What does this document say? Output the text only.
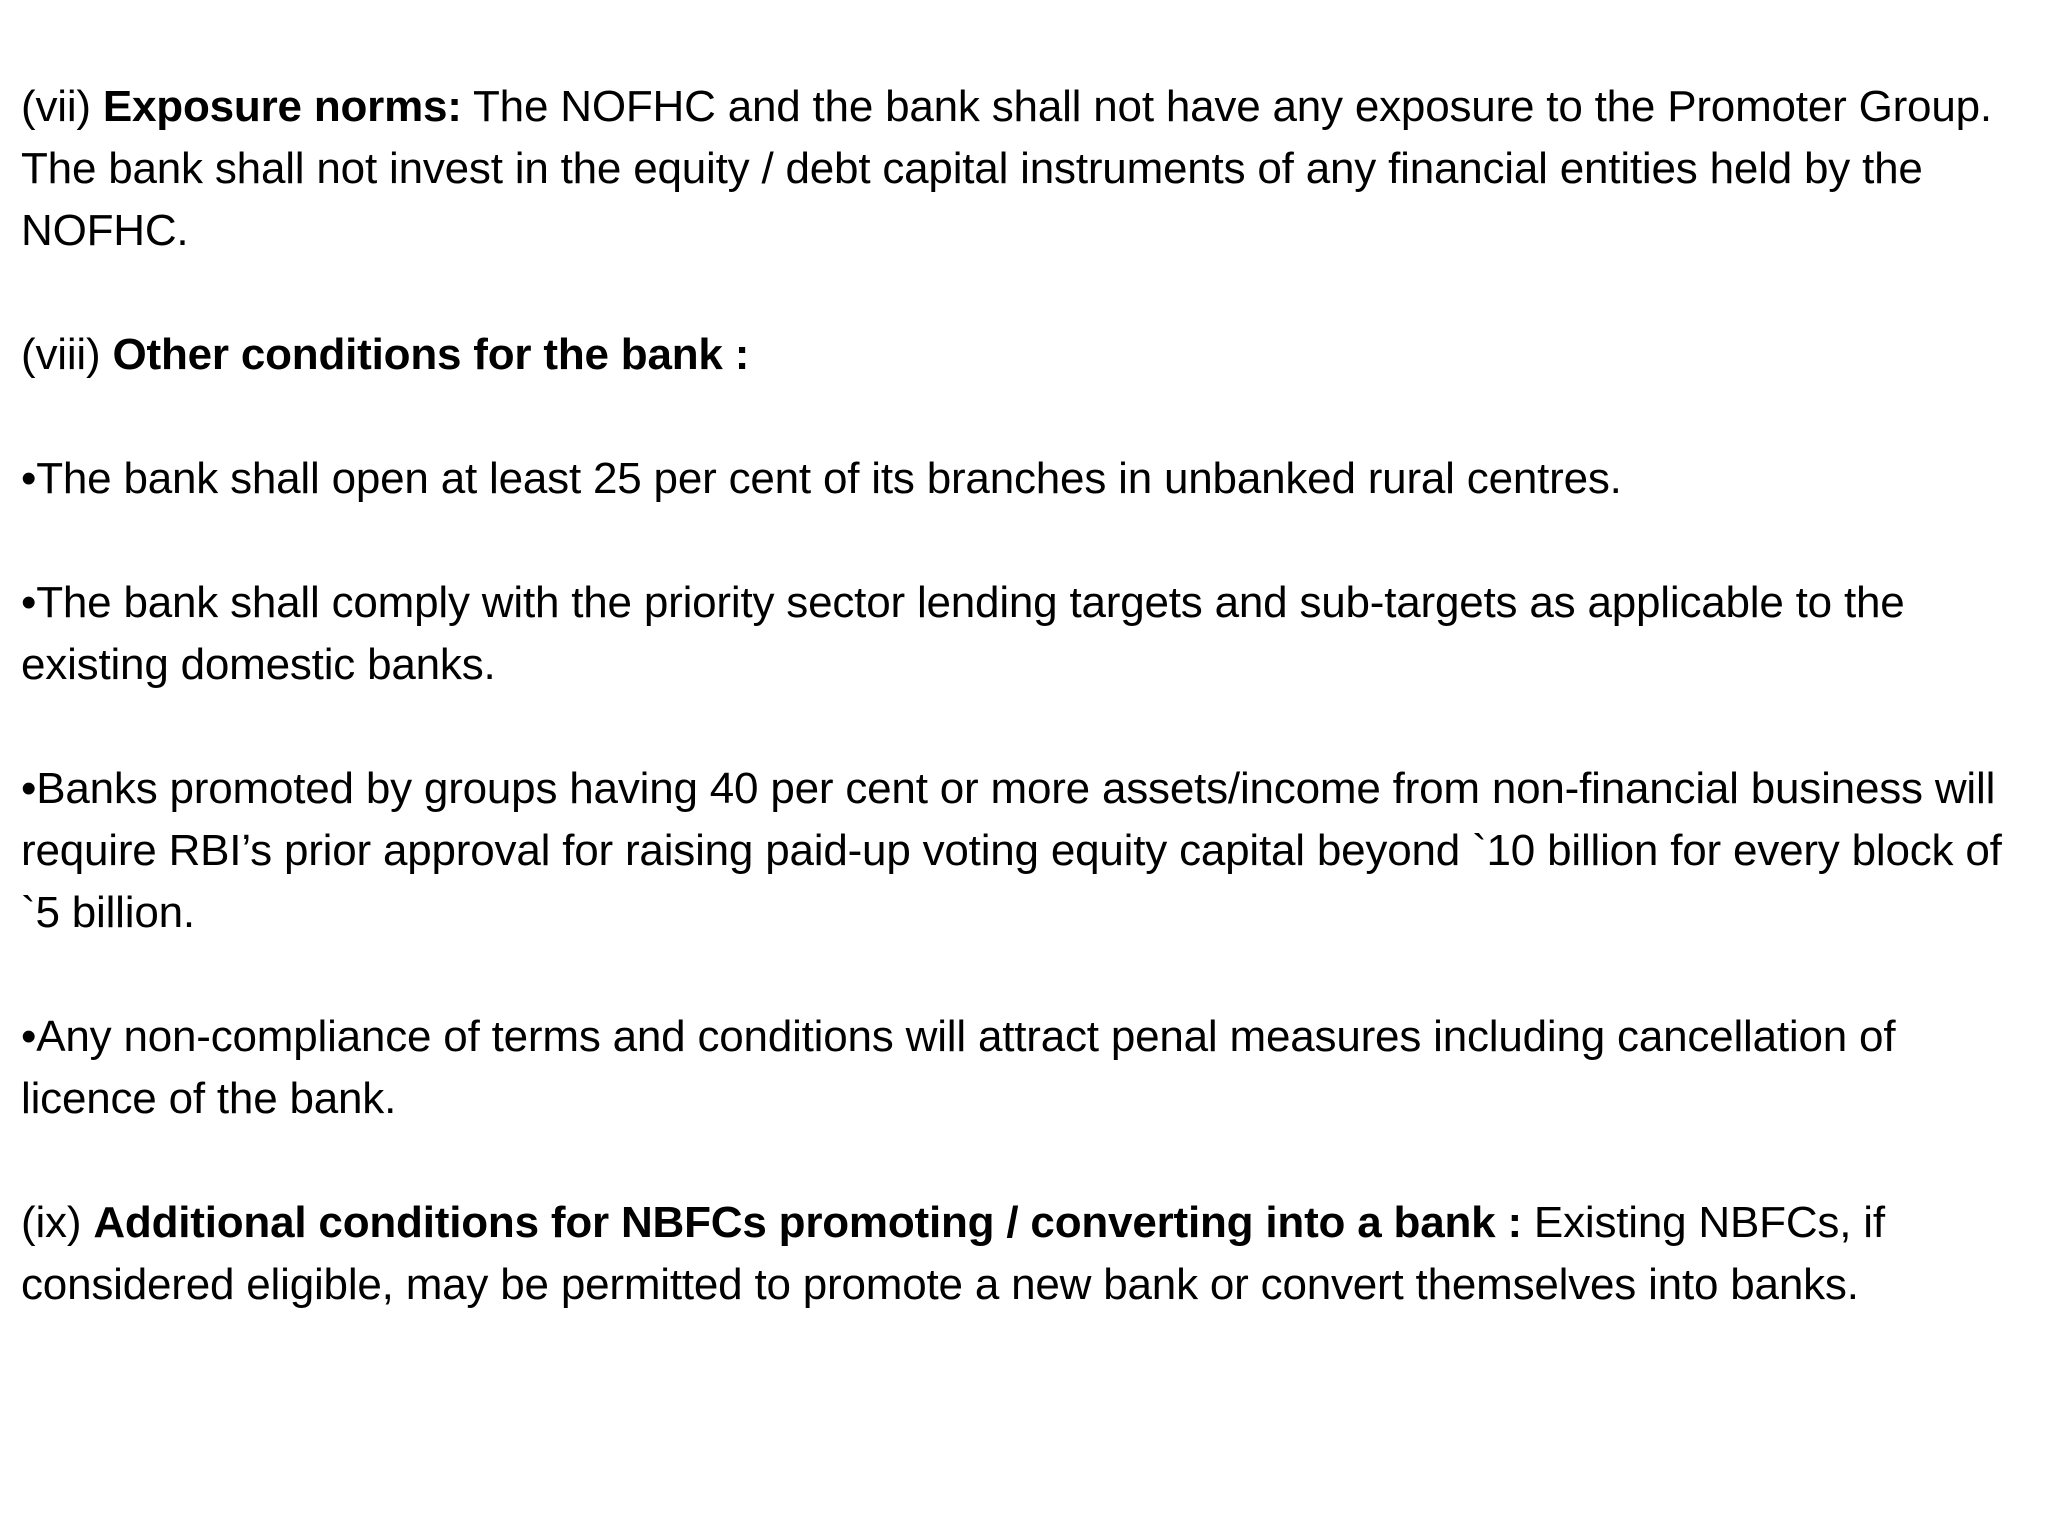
(vii) Exposure norms: The NOFHC and the bank shall not have any exposure to the Promoter Group. The bank shall not invest in the equity / debt capital instruments of any financial entities held by the NOFHC.

(viii) Other conditions for the bank :

•The bank shall open at least 25 per cent of its branches in unbanked rural centres.

•The bank shall comply with the priority sector lending targets and sub-targets as applicable to the existing domestic banks.

•Banks promoted by groups having 40 per cent or more assets/income from non-financial business will require RBI’s prior approval for raising paid-up voting equity capital beyond `10 billion for every block of `5 billion.

•Any non-compliance of terms and conditions will attract penal measures including cancellation of licence of the bank.

(ix) Additional conditions for NBFCs promoting / converting into a bank : Existing NBFCs, if considered eligible, may be permitted to promote a new bank or convert themselves into banks.
